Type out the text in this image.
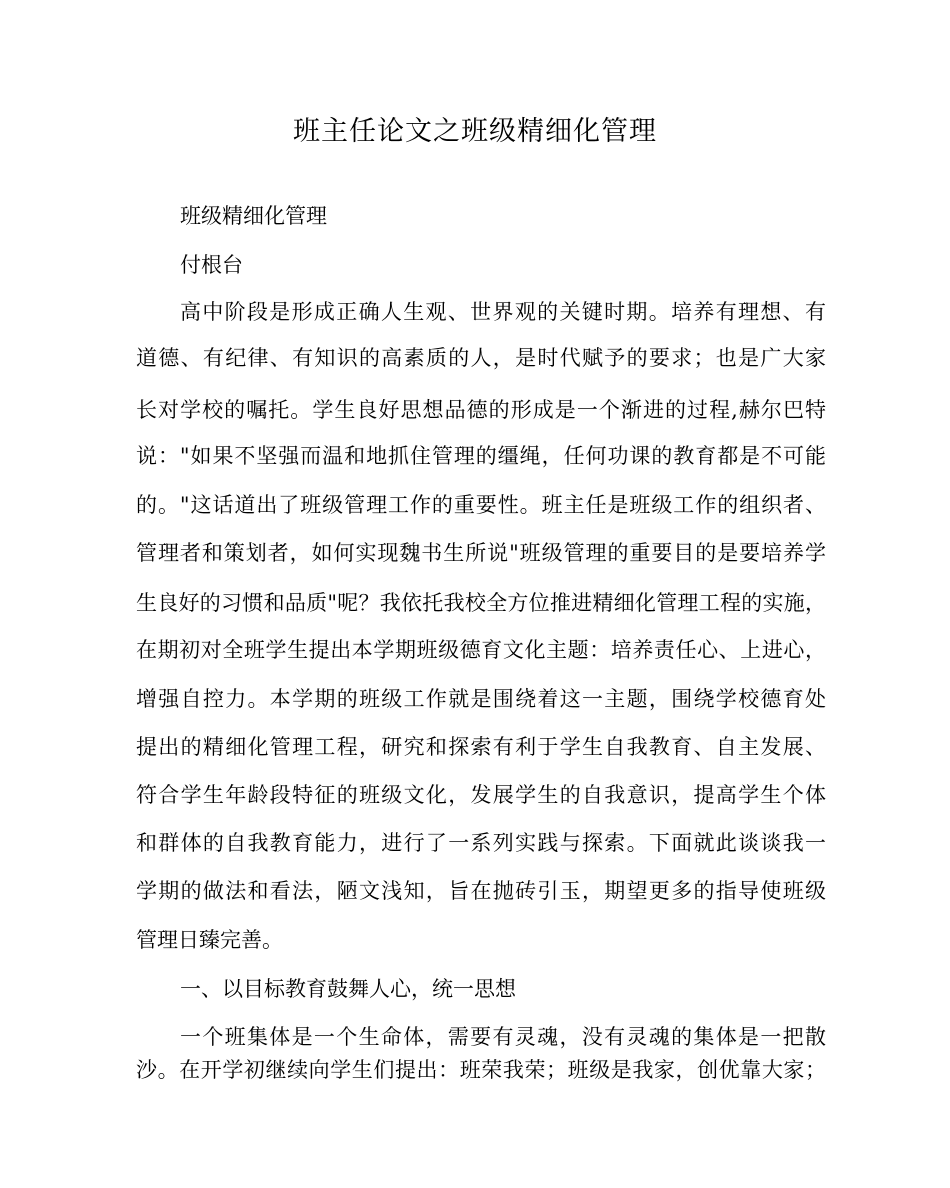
班主任论文之班级精细化管理

班级精细化管理

付根台

高中阶段是形成正确人生观、世界观的关键时期。培养有理想、有

道德、有纪律、有知识的高素质的人，是时代赋予的要求；也是广大家

长对学校的嘱托。学生良好思想品德的形成是一个渐进的过程,赫尔巴特

说："如果不坚强而温和地抓住管理的缰绳，任何功课的教育都是不可能

的。"这话道出了班级管理工作的重要性。班主任是班级工作的组织者、

管理者和策划者，如何实现魏书生所说"班级管理的重要目的是要培养学

生良好的习惯和品质"呢？我依托我校全方位推进精细化管理工程的实施，

在期初对全班学生提出本学期班级德育文化主题：培养责任心、上进心，

增强自控力。本学期的班级工作就是围绕着这一主题，围绕学校德育处

提出的精细化管理工程，研究和探索有利于学生自我教育、自主发展、

符合学生年龄段特征的班级文化，发展学生的自我意识，提高学生个体

和群体的自我教育能力，进行了一系列实践与探索。下面就此谈谈我一

学期的做法和看法，陋文浅知，旨在抛砖引玉，期望更多的指导使班级

管理日臻完善。

一、以目标教育鼓舞人心，统一思想

一个班集体是一个生命体，需要有灵魂，没有灵魂的集体是一把散

沙。在开学初继续向学生们提出：班荣我荣；班级是我家，创优靠大家；
